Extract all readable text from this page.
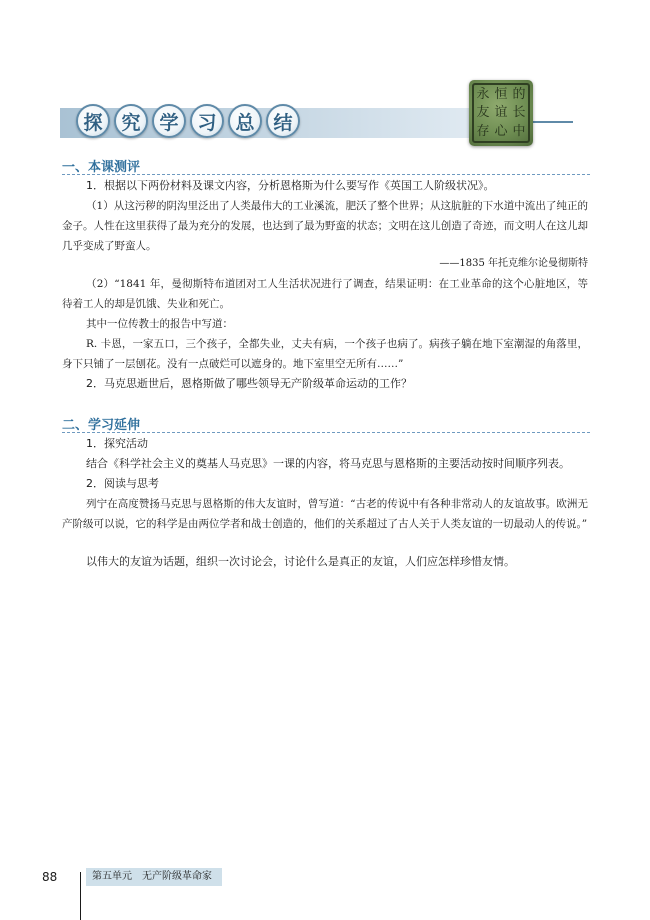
探 究 学 习 总 结
永 恒 的
友 谊 长
存 心 中
一、本课测评

1．根据以下两份材料及课文内容，分析恩格斯为什么要写作《英国工人阶级状况》。

（1）从这污秽的阴沟里泛出了人类最伟大的工业溪流，肥沃了整个世界；从这肮脏的下水道中流出了纯正的金子。人性在这里获得了最为充分的发展，也达到了最为野蛮的状态；文明在这儿创造了奇迹，而文明人在这儿却几乎变成了野蛮人。

——1835 年托克维尔论曼彻斯特

（2）“1841 年，曼彻斯特布道团对工人生活状况进行了调查，结果证明：在工业革命的这个心脏地区，等待着工人的却是饥饿、失业和死亡。

其中一位传教士的报告中写道：

R. 卡恩，一家五口，三个孩子，全都失业，丈夫有病，一个孩子也病了。病孩子躺在地下室潮湿的角落里，身下只铺了一层刨花。没有一点破烂可以遮身的。地下室里空无所有……”

2．马克思逝世后，恩格斯做了哪些领导无产阶级革命运动的工作？

二、学习延伸

1．探究活动

结合《科学社会主义的奠基人马克思》一课的内容，将马克思与恩格斯的主要活动按时间顺序列表。

2．阅读与思考

列宁在高度赞扬马克思与恩格斯的伟大友谊时，曾写道：“古老的传说中有各种非常动人的友谊故事。欧洲无产阶级可以说，它的科学是由两位学者和战士创造的，他们的关系超过了古人关于人类友谊的一切最动人的传说。”

以伟大的友谊为话题，组织一次讨论会，讨论什么是真正的友谊，人们应怎样珍惜友情。

88	第五单元　无产阶级革命家
